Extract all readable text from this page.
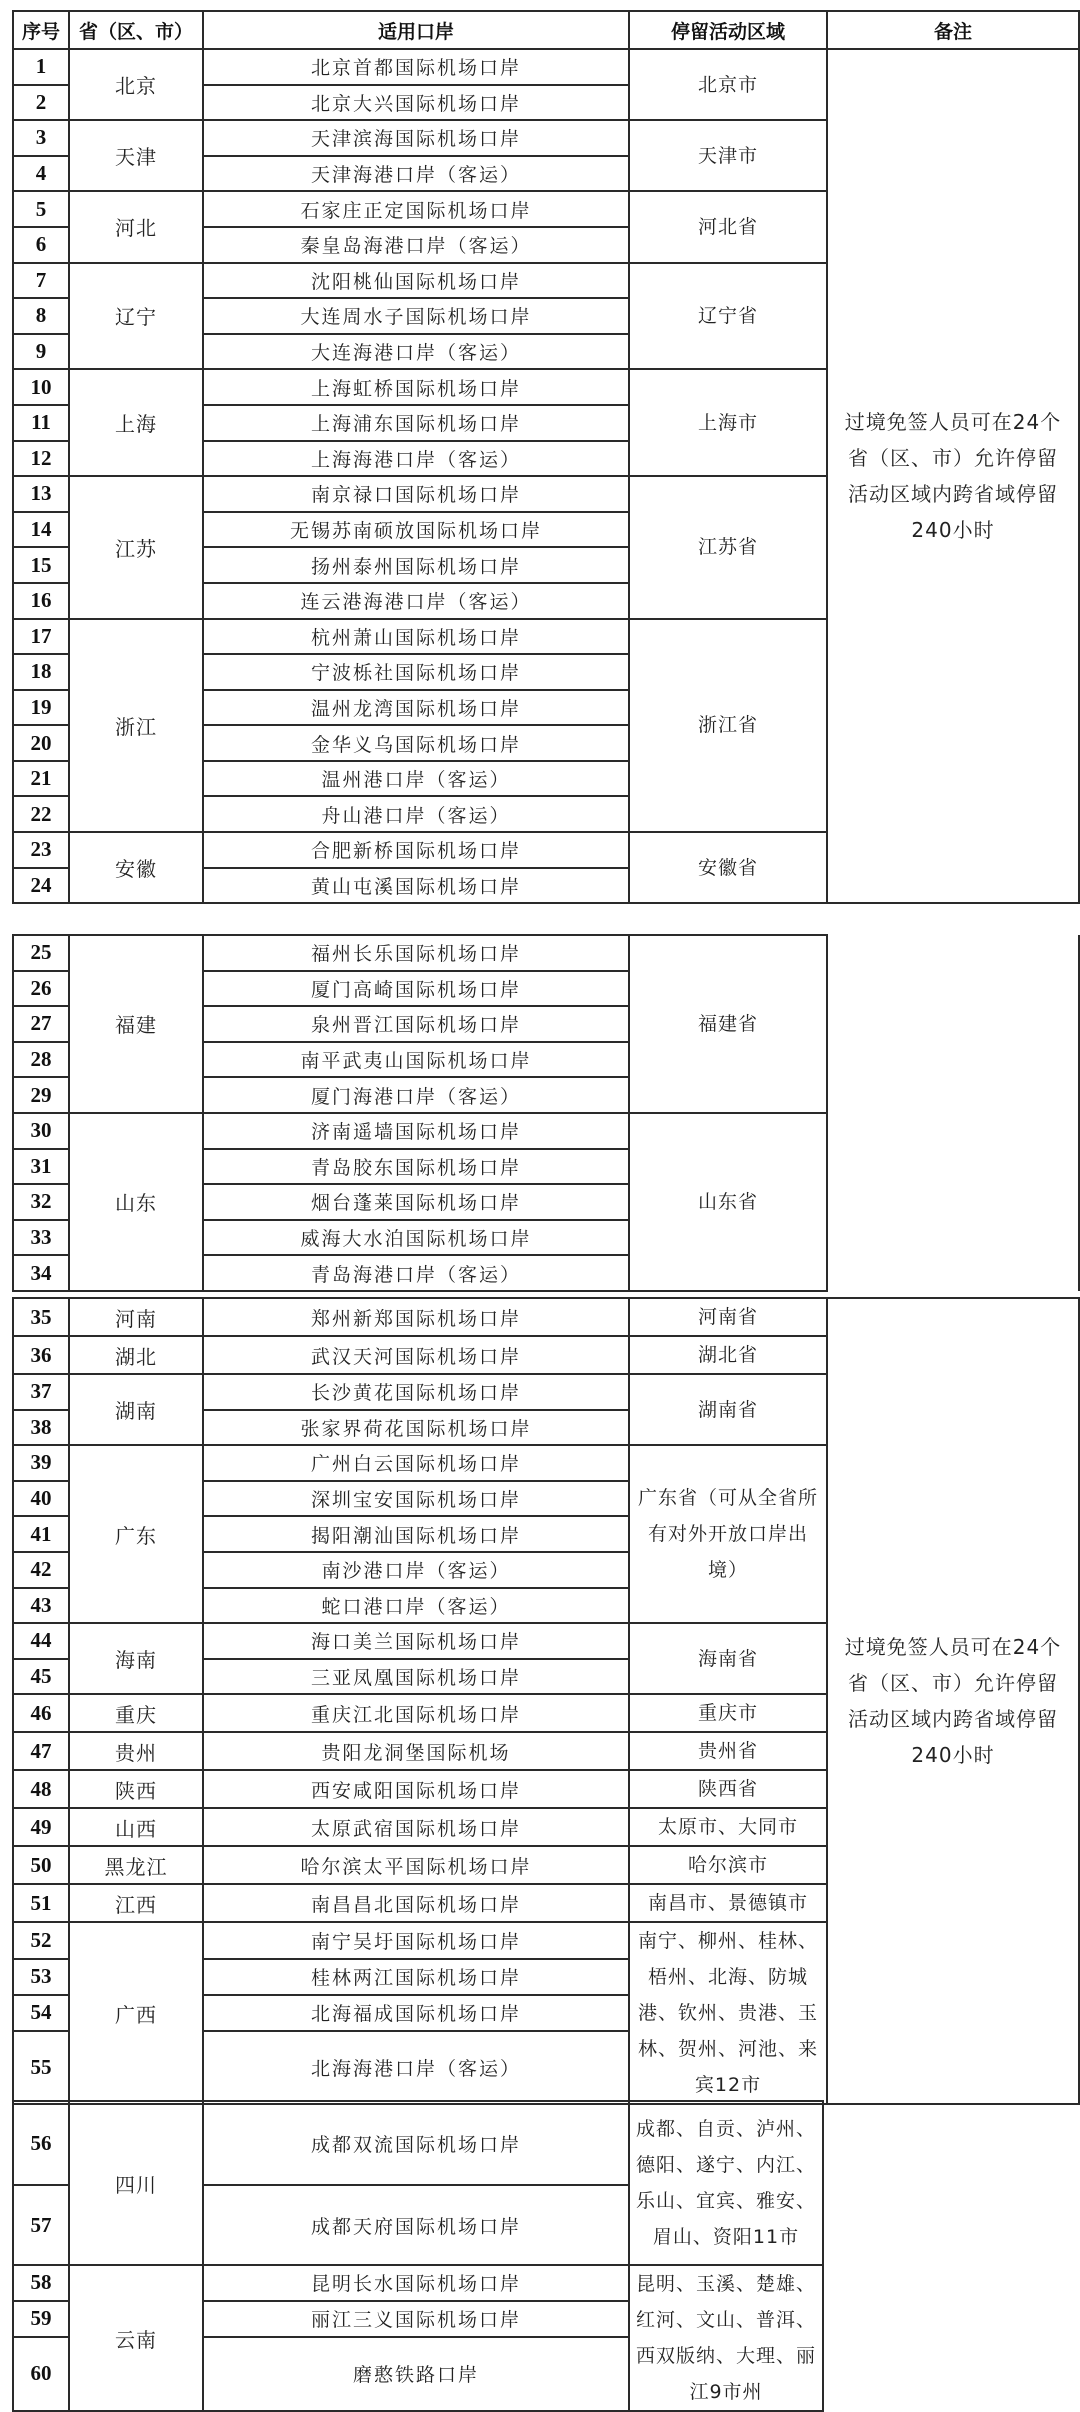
序号	省（区、市）	适用口岸	停留活动区域	备注
1	北京	北京首都国际机场口岸	北京市	过境免签人员可在24个省（区、市）允许停留活动区域内跨省域停留240小时
2		北京大兴国际机场口岸		
3	天津	天津滨海国际机场口岸	天津市	
4		天津海港口岸（客运）		
5	河北	石家庄正定国际机场口岸	河北省	
6		秦皇岛海港口岸（客运）		
7	辽宁	沈阳桃仙国际机场口岸	辽宁省	
8		大连周水子国际机场口岸		
9		大连海港口岸（客运）		
10	上海	上海虹桥国际机场口岸	上海市	
11		上海浦东国际机场口岸		
12		上海海港口岸（客运）		
13	江苏	南京禄口国际机场口岸	江苏省	
14		无锡苏南硕放国际机场口岸		
15		扬州泰州国际机场口岸		
16		连云港海港口岸（客运）		
17	浙江	杭州萧山国际机场口岸	浙江省	
18		宁波栎社国际机场口岸		
19		温州龙湾国际机场口岸		
20		金华义乌国际机场口岸		
21		温州港口岸（客运）		
22		舟山港口岸（客运）		
23	安徽	合肥新桥国际机场口岸	安徽省	
24		黄山屯溪国际机场口岸		
25	福建	福州长乐国际机场口岸	福建省	
26		厦门高崎国际机场口岸		
27		泉州晋江国际机场口岸		
28		南平武夷山国际机场口岸		
29		厦门海港口岸（客运）		
30	山东	济南遥墙国际机场口岸	山东省	
31		青岛胶东国际机场口岸		
32		烟台蓬莱国际机场口岸		
33		威海大水泊国际机场口岸		
34		青岛海港口岸（客运）		
35	河南	郑州新郑国际机场口岸	河南省	过境免签人员可在24个省（区、市）允许停留活动区域内跨省域停留240小时
36	湖北	武汉天河国际机场口岸	湖北省	
37	湖南	长沙黄花国际机场口岸	湖南省	
38		张家界荷花国际机场口岸		
39	广东	广州白云国际机场口岸	广东省（可从全省所有对外开放口岸出境）	
40		深圳宝安国际机场口岸		
41		揭阳潮汕国际机场口岸		
42		南沙港口岸（客运）		
43		蛇口港口岸（客运）		
44	海南	海口美兰国际机场口岸	海南省	
45		三亚凤凰国际机场口岸		
46	重庆	重庆江北国际机场口岸	重庆市	
47	贵州	贵阳龙洞堡国际机场	贵州省	
48	陕西	西安咸阳国际机场口岸	陕西省	
49	山西	太原武宿国际机场口岸	太原市、大同市	
50	黑龙江	哈尔滨太平国际机场口岸	哈尔滨市	
51	江西	南昌昌北国际机场口岸	南昌市、景德镇市	
52	广西	南宁吴圩国际机场口岸	南宁、柳州、桂林、梧州、北海、防城港、钦州、贵港、玉林、贺州、河池、来宾12市	
53		桂林两江国际机场口岸		
54		北海福成国际机场口岸		
55		北海海港口岸（客运）		
56	四川	成都双流国际机场口岸	成都、自贡、泸州、德阳、遂宁、内江、乐山、宜宾、雅安、眉山、资阳11市
57		成都天府国际机场口岸	
58	云南	昆明长水国际机场口岸	昆明、玉溪、楚雄、红河、文山、普洱、西双版纳、大理、丽江9市州
59		丽江三义国际机场口岸	
60		磨憨铁路口岸	
